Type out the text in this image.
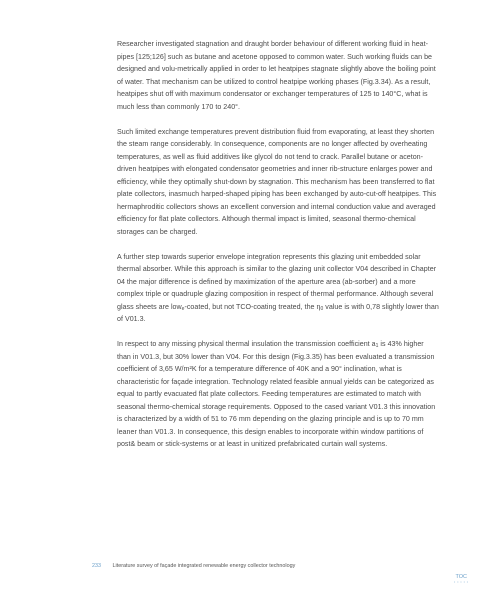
Researcher investigated stagnation and draught border behaviour of different working fluid in heat-pipes [125;126] such as butane and acetone opposed to common water. Such working fluids can be designed and volu-metrically applied in order to let heatpipes stagnate slightly above the boiling point of water. That mechanism can be utilized to control heatpipe working phases (Fig.3.34). As a result, heatpipes shut off with maximum condensator or exchanger temperatures of 125 to 140°C, what is much less than commonly 170 to 240°.

Such limited exchange temperatures prevent distribution fluid from evaporating, at least they shorten the steam range considerably. In consequence, components are no longer affected by overheating temperatures, as well as fluid additives like glycol do not tend to crack. Parallel butane or aceton-driven heatpipes with elongated condensator geometries and inner rib-structure enlarges power and efficiency, while they optimally shut-down by stagnation. This mechanism has been transferred to flat plate collectors, inasmuch harped-shaped piping has been exchanged by auto-cut-off heatpipes. This hermaphroditic collectors shows an excellent conversion and internal conduction value and averaged efficiency for flat plate collectors. Although thermal impact is limited, seasonal thermo-chemical storages can be charged.

A further step towards superior envelope integration represents this glazing unit embedded solar thermal absorber. While this approach is similar to the glazing unit collector V04 described in Chapter 04 the major difference is defined by maximization of the aperture area (ab-sorber) and a more complex triple or quadruple glazing composition in respect of thermal performance. Although several glass sheets are low$_e$-coated, but not TCO-coating treated, the $\eta_0$ value is with 0,78 slightly lower than of V01.3.

In respect to any missing physical thermal insulation the transmission coefficient $a_1$ is 43% higher than in V01.3, but 30% lower than V04. For this design (Fig.3.35) has been evaluated a transmission coefficient of 3,65 W/m²K for a temperature difference of 40K and a 90° inclination, what is characteristic for façade integration. Technology related feasible annual yields can be categorized as equal to partly evacuated flat plate collectors. Feeding temperatures are estimated to match with seasonal thermo-chemical storage requirements. Opposed to the cased variant V01.3 this innovation is characterized by a width of 51 to 76 mm depending on the glazing principle and is up to 70 mm leaner than V01.3. In consequence, this design enables to incorporate within window partitions of post& beam or stick-systems or at least in unitized prefabricated curtain wall systems.

233 Literature survey of façade integrated renewable energy collector technology
TOC
• • • • •
